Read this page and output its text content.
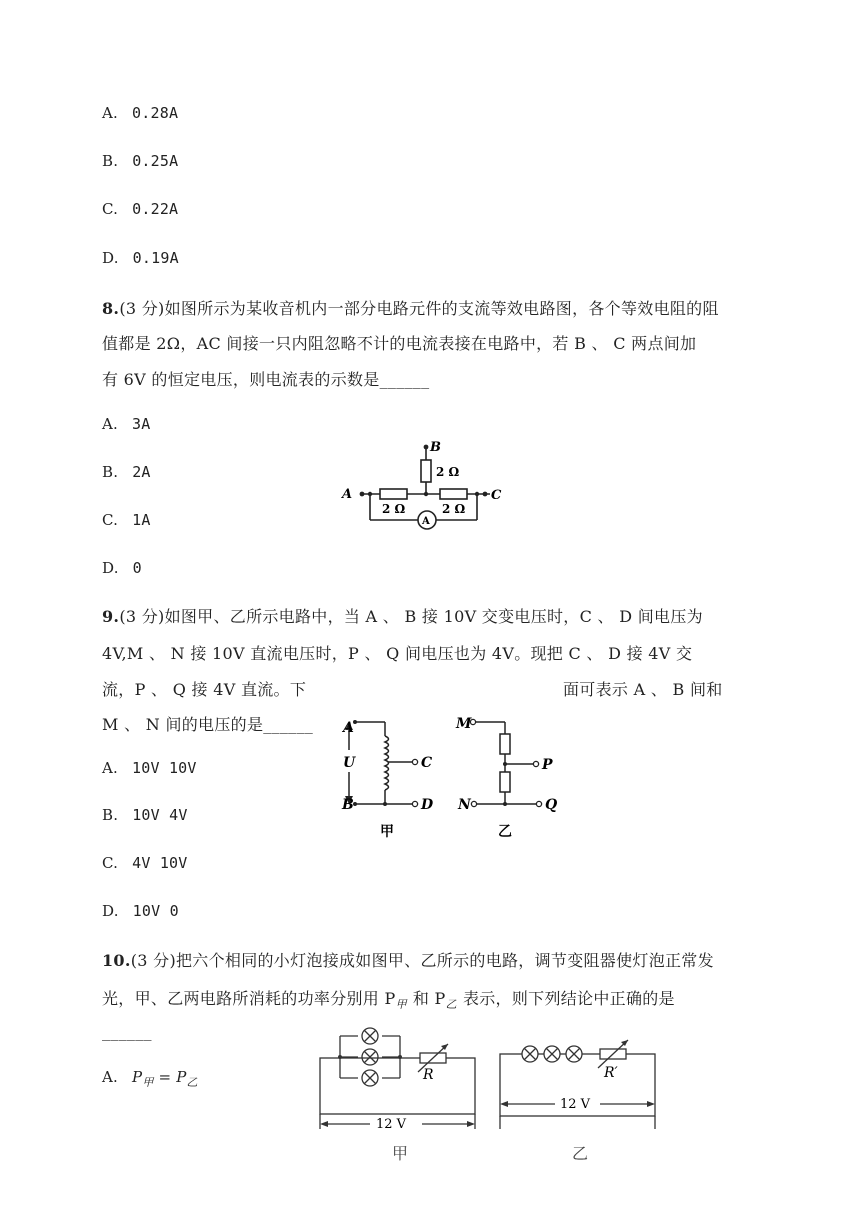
A. 0.28A
B. 0.25A
C. 0.22A
D. 0.19A
8.(3 分)如图所示为某收音机内一部分电路元件的支流等效电路图，各个等效电阻的阻
值都是 2Ω，AC 间接一只内阻忽略不计的电流表接在电路中，若 B 、 C 两点间加
有 6V 的恒定电压，则电流表的示数是______
A. 3A
B. 2A
C. 1A
D. 0
B
2 Ω
A	C
2 Ω	2 Ω
A
9.(3 分)如图甲、乙所示电路中，当 A 、 B 接 10V 交变电压时，C 、 D 间电压为
4V,M 、 N 接 10V 直流电压时，P 、 Q 间电压也为 4V。现把 C 、 D 接 4V 交
流，P 、 Q 接 4V 直流。下	面可表示 A 、 B 间和
M 、 N 间的电压的是______
A. 10V 10V
B. 10V 4V
C. 4V 10V
D. 10V 0
A
U
B
C
D
M
P
N	Q
甲	乙
10.(3 分)把六个相同的小灯泡接成如图甲、乙所示的电路，调节变阻器使灯泡正常发
光，甲、乙两电路所消耗的功率分别用 $P_甲$ 和 $P_乙$ 表示，则下列结论中正确的是
______
A. $P_甲 = P_乙$	R	R′
12 V
12 V
甲	乙
